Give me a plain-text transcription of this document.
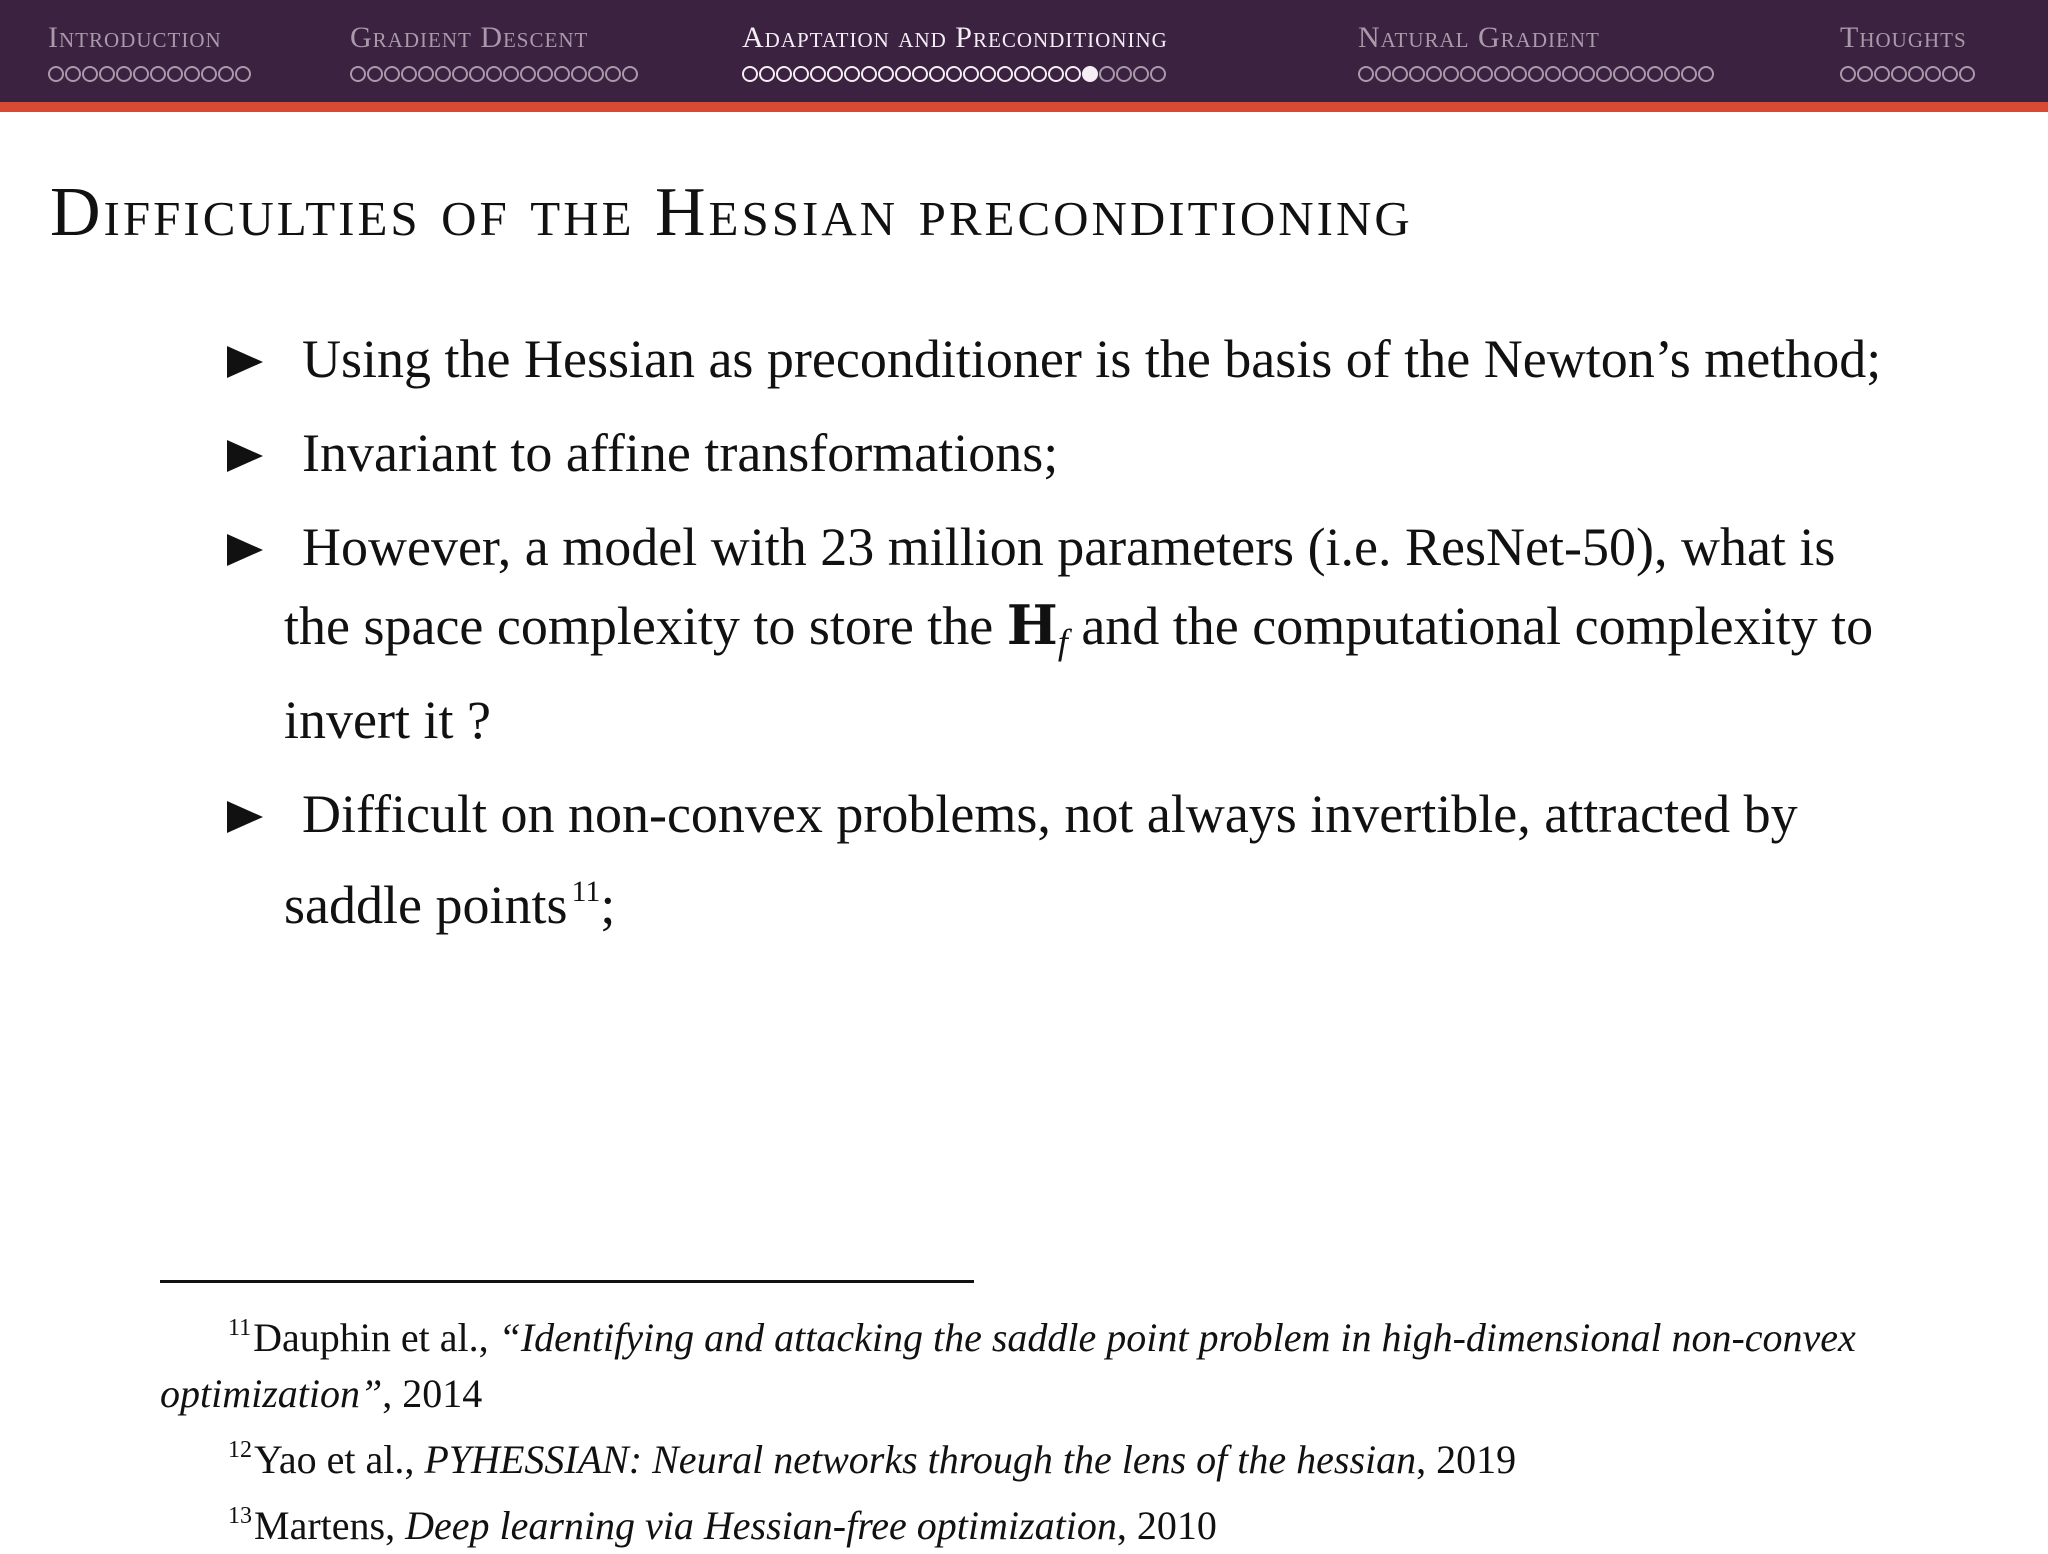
Introduction	Gradient Descent	Adaptation and Preconditioning	Natural Gradient	Thoughts
Difficulties of the Hessian preconditioning
Using the Hessian as preconditioner is the basis of the Newton’s method;
Invariant to affine transformations;
However, a model with 23 million parameters (i.e. ResNet-50), what is the space complexity to store the Hf and the computational complexity to invert it ?
Difficult on non-convex problems, not always invertible, attracted by saddle points $^{11}$;
$^{11}$Dauphin et al., “Identifying and attacking the saddle point problem in high-dimensional non-convex optimization”, 2014
$^{12}$Yao et al., PYHESSIAN: Neural networks through the lens of the hessian, 2019
$^{13}$Martens, Deep learning via Hessian-free optimization, 2010
